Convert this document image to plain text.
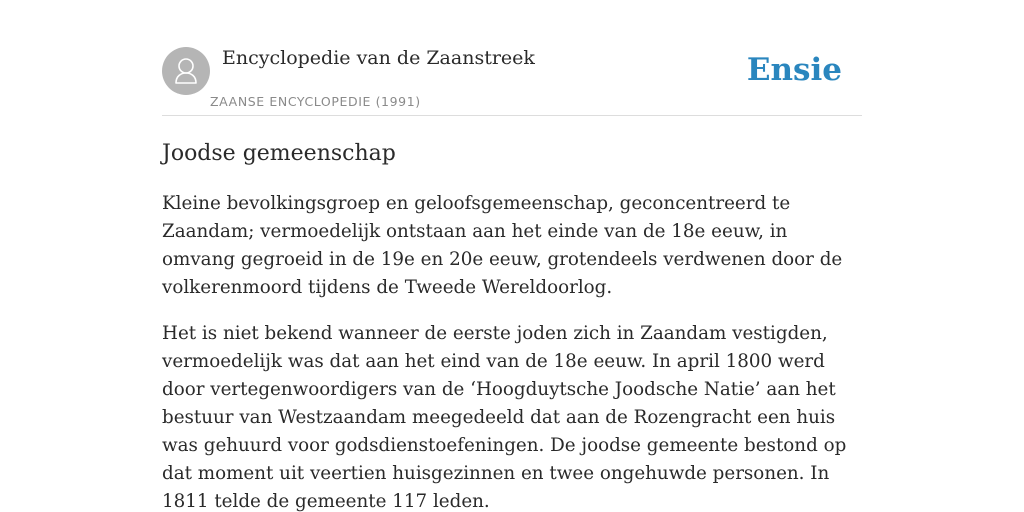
Encyclopedie van de Zaanstreek
ZAANSE ENCYCLOPEDIE (1991)
Ensie
Joodse gemeenschap

Kleine bevolkingsgroep en geloofsgemeenschap, geconcentreerd te Zaandam; vermoedelijk ontstaan aan het einde van de 18e eeuw, in omvang gegroeid in de 19e en 20e eeuw, grotendeels verdwenen door de volkerenmoord tijdens de Tweede Wereldoorlog.

Het is niet bekend wanneer de eerste joden zich in Zaandam vestigden, vermoedelijk was dat aan het eind van de 18e eeuw. In april 1800 werd door vertegenwoordigers van de ‘Hoogduytsche Joodsche Natie’ aan het bestuur van Westzaandam meegedeeld dat aan de Rozengracht een huis was gehuurd voor godsdienstoefeningen. De joodse gemeente bestond op dat moment uit veertien huisgezinnen en twee ongehuwde personen. In 1811 telde de gemeente 117 leden.
